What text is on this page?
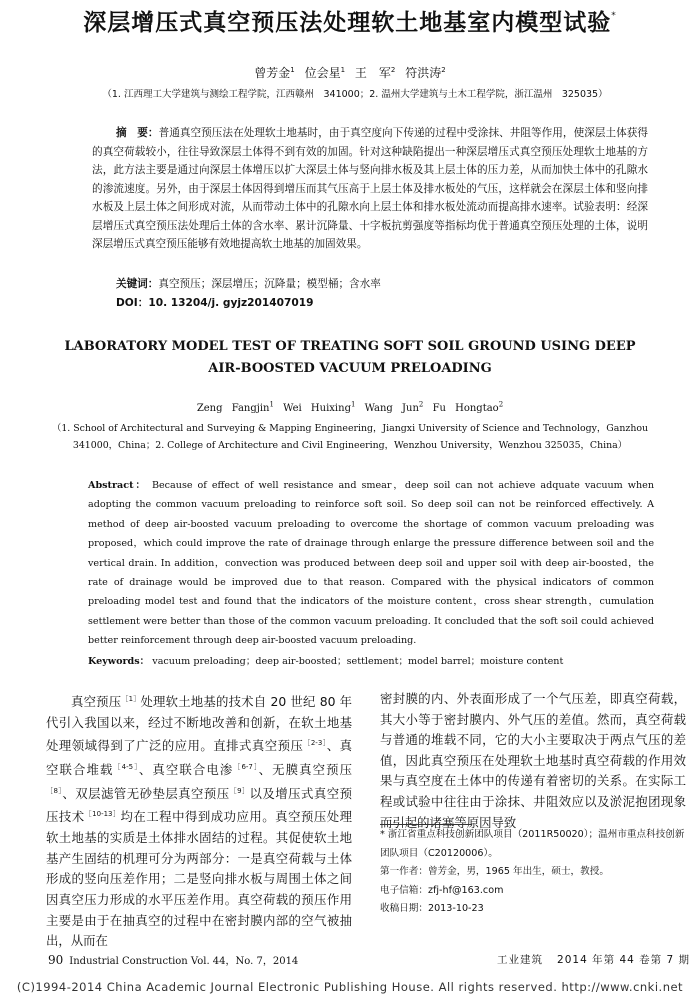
深层增压式真空预压法处理软土地基室内模型试验*
曾芳金$^1$ 位会星$^1$ 王　军$^2$ 符洪涛$^2$
（1. 江西理工大学建筑与测绘工程学院，江西赣州　341000；2. 温州大学建筑与土木工程学院，浙江温州　325035）
摘　要：普通真空预压法在处理软土地基时，由于真空度向下传递的过程中受涂抹、井阻等作用，使深层土体获得的真空荷载较小，往往导致深层土体得不到有效的加固。针对这种缺陷提出一种深层增压式真空预压处理软土地基的方法，此方法主要是通过向深层土体增压以扩大深层土体与竖向排水板及其上层土体的压力差，从而加快土体中的孔隙水的渗流速度。另外，由于深层土体因得到增压而其气压高于上层土体及排水板处的气压，这样就会在深层土体和竖向排水板及上层土体之间形成对流，从而带动土体中的孔隙水向上层土体和排水板处流动而提高排水速率。试验表明：经深层增压式真空预压法处理后土体的含水率、累计沉降量、十字板抗剪强度等指标均优于普通真空预压处理的土体，说明深层增压式真空预压能够有效地提高软土地基的加固效果。
关键词：真空预压；深层增压；沉降量；模型桶；含水率
DOI：10. 13204/j. gyjz201407019
LABORATORY MODEL TEST OF TREATING SOFT SOIL GROUND USING DEEP
AIR-BOOSTED VACUUM PRELOADING
Zeng Fangjin$^1$ Wei Huixing$^1$ Wang Jun$^2$ Fu Hongtao$^2$
（1. School of Architectural and Surveying & Mapping Engineering，Jiangxi University of Science and Technology，Ganzhou 341000，China；2. College of Architecture and Civil Engineering，Wenzhou University，Wenzhou 325035，China）
Abstract： Because of effect of well resistance and smear，deep soil can not achieve adquate vacuum when adopting the common vacuum preloading to reinforce soft soil. So deep soil can not be reinforced effectively. A method of deep air-boosted vacuum preloading to overcome the shortage of common vacuum preloading was proposed，which could improve the rate of drainage through enlarge the pressure difference between soil and the vertical drain. In addition，convection was produced between deep soil and upper soil with deep air-boosted，the rate of drainage would be improved due to that reason. Compared with the physical indicators of common preloading model test and found that the indicators of the moisture content，cross shear strength，cumulation settlement were better than those of the common vacuum preloading. It concluded that the soft soil could achieved better reinforcement through deep air-boosted vacuum preloading.
Keywords： vacuum preloading；deep air-boosted；settlement；model barrel；moisture content
真空预压$^{[1]}$处理软土地基的技术自 20 世纪 80 年代引入我国以来，经过不断地改善和创新，在软土地基处理领域得到了广泛的应用。直排式真空预压$^{[2-3]}$、真空联合堆载$^{[4-5]}$、真空联合电渗$^{[6-7]}$、无膜真空预压$^{[8]}$、双层滤管无砂垫层真空预压$^{[9]}$以及增压式真空预压技术$^{[10-13]}$均在工程中得到成功应用。真空预压处理软土地基的实质是土体排水固结的过程。其促使软土地基产生固结的机理可分为两部分：一是真空荷载与土体形成的竖向压差作用；二是竖向排水板与周围土体之间因真空压力形成的水平压差作用。真空荷载的预压作用主要是由于在抽真空的过程中在密封膜内部的空气被抽出，从而在
密封膜的内、外表面形成了一个气压差，即真空荷载，其大小等于密封膜内、外气压的差值。然而，真空荷载与普通的堆载不同，它的大小主要取决于两点气压的差值，因此真空预压在处理软土地基时真空荷载的作用效果与真空度在土体中的传递有着密切的关系。在实际工程或试验中往往由于涂抹、井阻效应以及淤泥抱团现象而引起的诸塞等原因导致
* 浙江省重点科技创新团队项目（2011R50020）；温州市重点科技创新团队项目（C20120006）。
第一作者：曾芳金，男，1965 年出生，硕士，教授。
电子信箱：zfj-hf@163.com
收稿日期：2013-10-23
90 Industrial Construction Vol. 44，No. 7，2014	工业建筑 2014 年第 44 卷第 7 期
(C)1994-2014 China Academic Journal Electronic Publishing House. All rights reserved. http://www.cnki.net
